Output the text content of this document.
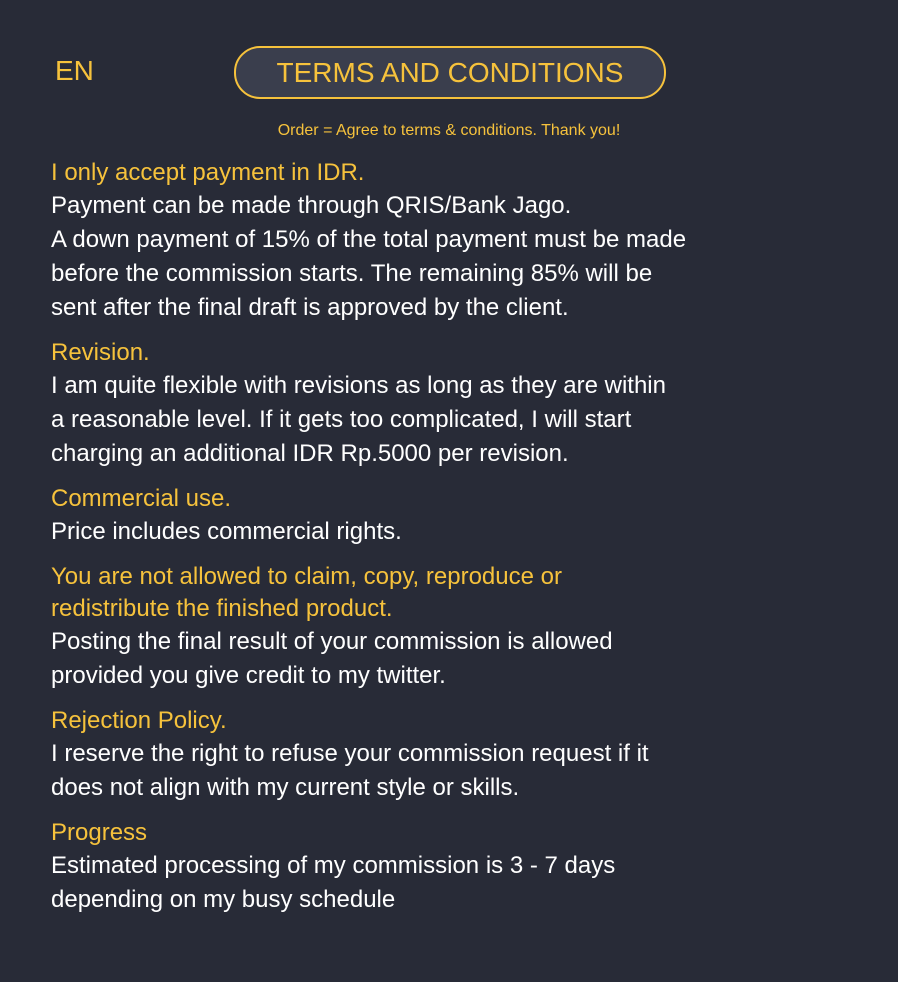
EN	TERMS AND CONDITIONS
Order = Agree to terms & conditions. Thank you!
I only accept payment in IDR.
Payment can be made through QRIS/Bank Jago.
A down payment of 15% of the total payment must be made
before the commission starts. The remaining 85% will be
sent after the final draft is approved by the client.
Revision.
I am quite flexible with revisions as long as they are within
a reasonable level. If it gets too complicated, I will start
charging an additional IDR Rp.5000 per revision.
Commercial use.
Price includes commercial rights.
You are not allowed to claim, copy, reproduce or
redistribute the finished product.
Posting the final result of your commission is allowed
provided you give credit to my twitter.
Rejection Policy.
I reserve the right to refuse your commission request if it
does not align with my current style or skills.
Progress
Estimated processing of my commission is 3 - 7 days
depending on my busy schedule
